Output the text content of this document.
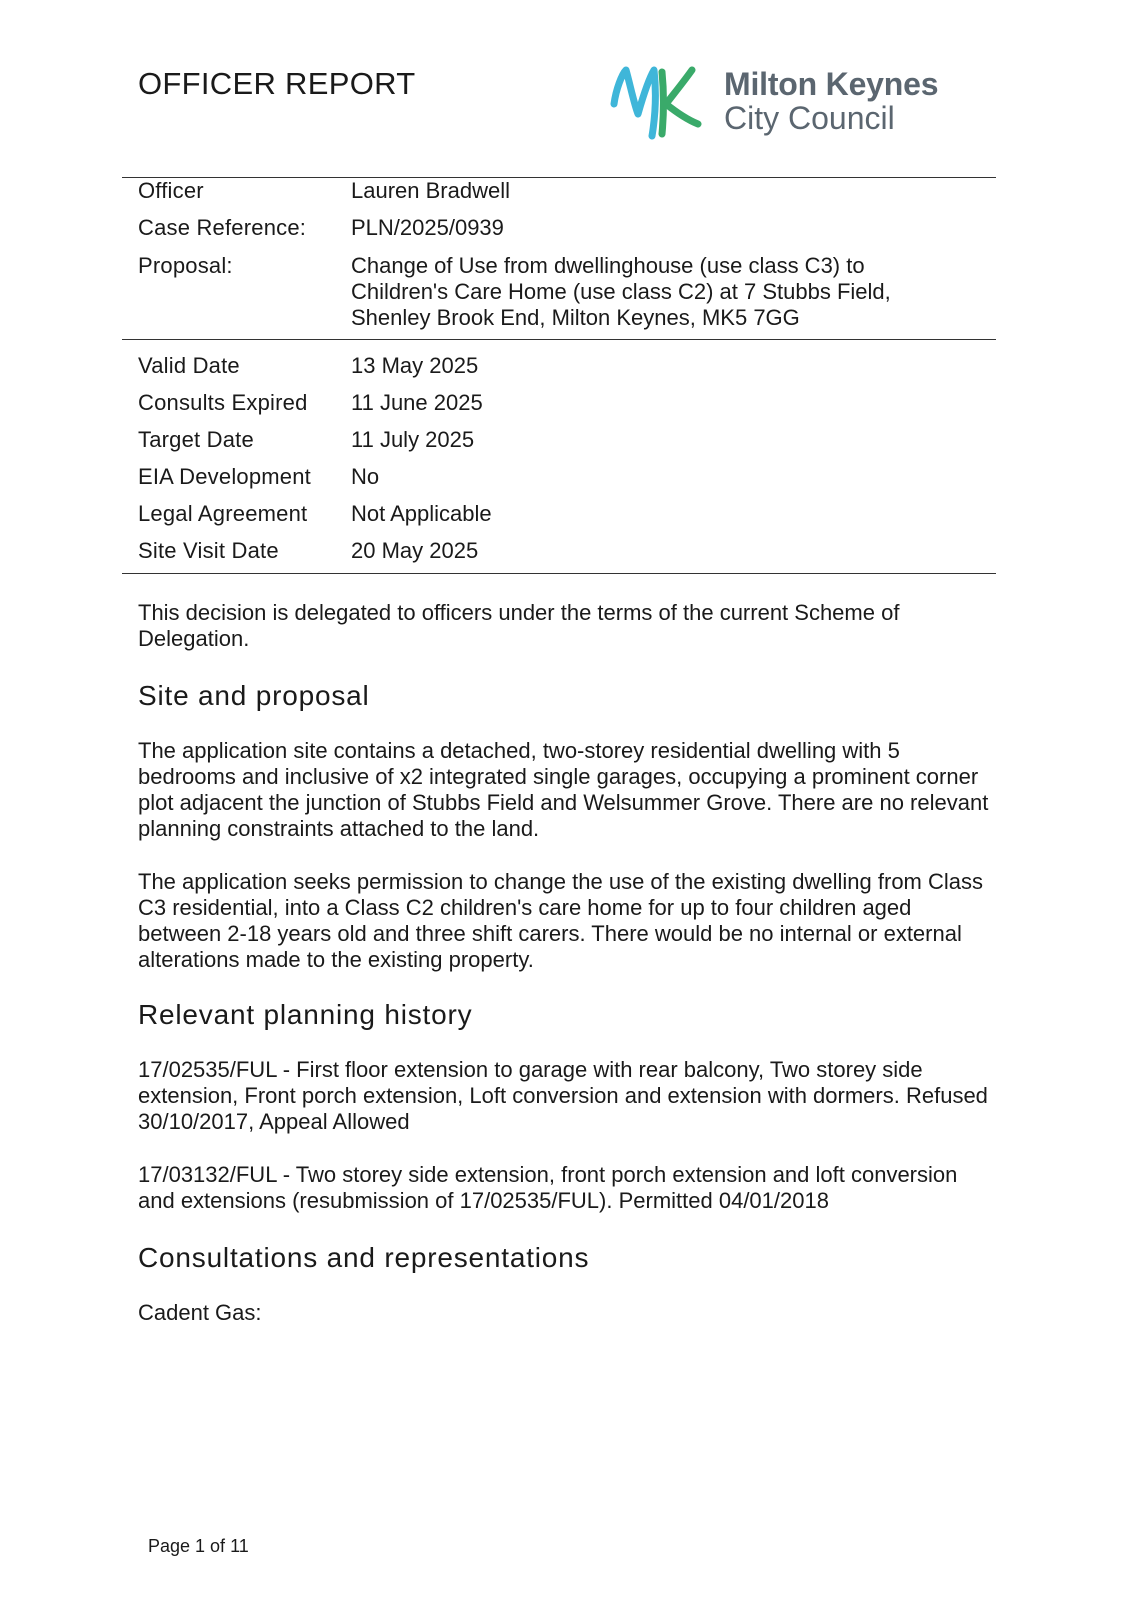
OFFICER REPORT	Milton Keynes
City Council
Officer	Lauren Bradwell
Case Reference: PLN/2025/0939
Proposal:	Change of Use from dwellinghouse (use class C3) to
Children's Care Home (use class C2) at 7 Stubbs Field,
Shenley Brook End, Milton Keynes, MK5 7GG
Valid Date	13 May 2025
Consults Expired 11 June 2025
Target Date	11 July 2025
EIA Development No
Legal Agreement Not Applicable
Site Visit Date	20 May 2025

This decision is delegated to officers under the terms of the current Scheme of Delegation.

Site and proposal

The application site contains a detached, two-storey residential dwelling with 5 bedrooms and inclusive of x2 integrated single garages, occupying a prominent corner plot adjacent the junction of Stubbs Field and Welsummer Grove. There are no relevant planning constraints attached to the land.

The application seeks permission to change the use of the existing dwelling from Class C3 residential, into a Class C2 children's care home for up to four children aged between 2-18 years old and three shift carers. There would be no internal or external alterations made to the existing property.

Relevant planning history

17/02535/FUL - First floor extension to garage with rear balcony, Two storey side extension, Front porch extension, Loft conversion and extension with dormers. Refused 30/10/2017, Appeal Allowed

17/03132/FUL - Two storey side extension, front porch extension and loft conversion and extensions (resubmission of 17/02535/FUL). Permitted 04/01/2018

Consultations and representations

Cadent Gas:

Page 1 of 11
